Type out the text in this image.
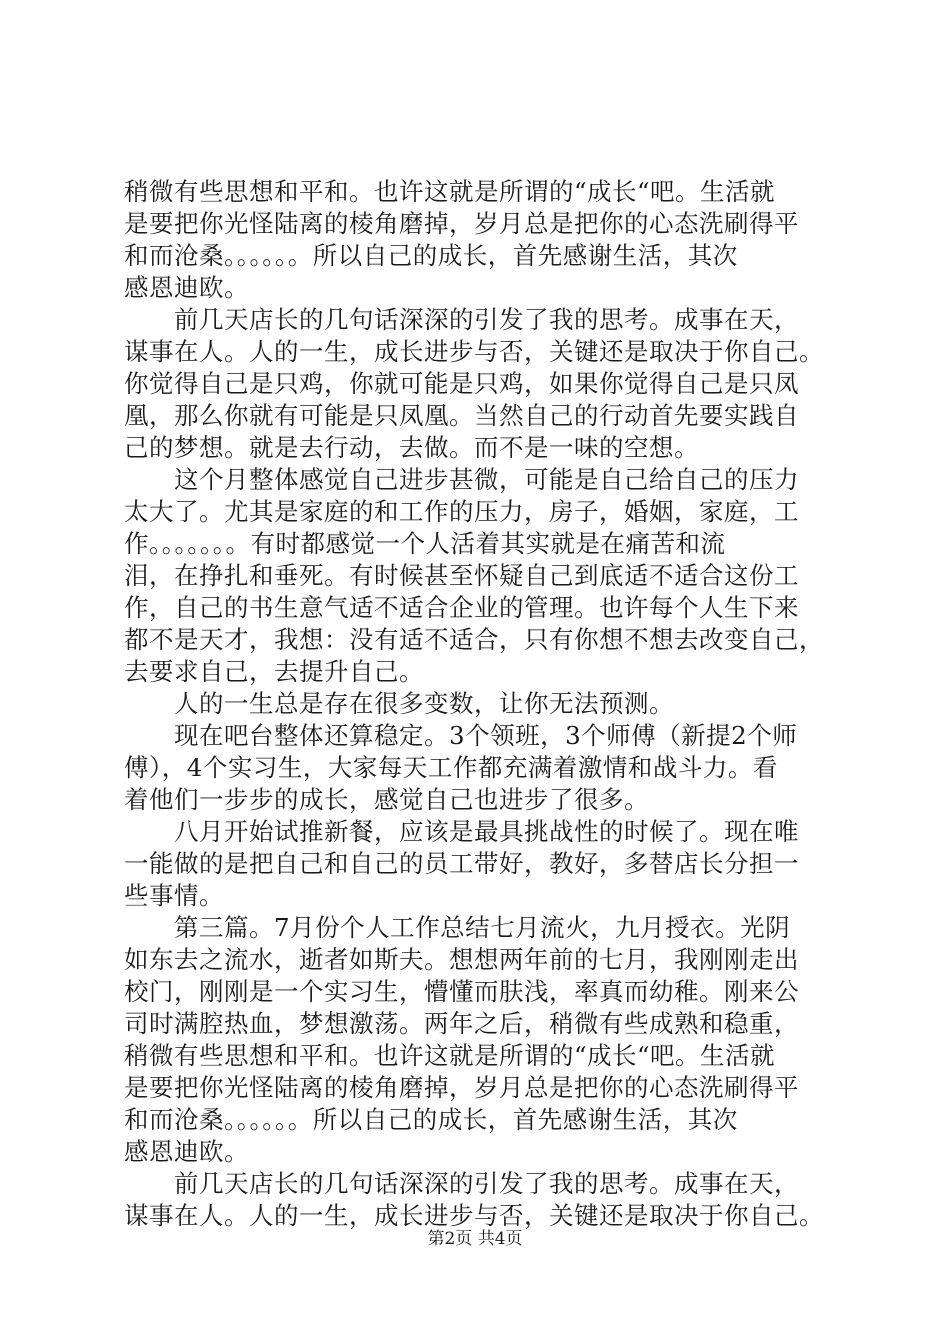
稍微有些思想和平和。也许这就是所谓的“成长“吧。生活就
是要把你光怪陆离的棱角磨掉，岁月总是把你的心态洗刷得平
和而沧桑。。。。。。所以自己的成长，首先感谢生活，其次
感恩迪欧。
　　前几天店长的几句话深深的引发了我的思考。成事在天，
谋事在人。人的一生，成长进步与否，关键还是取决于你自己。
你觉得自己是只鸡，你就可能是只鸡，如果你觉得自己是只凤
凰，那么你就有可能是只凤凰。当然自己的行动首先要实践自
己的梦想。就是去行动，去做。而不是一味的空想。
　　这个月整体感觉自己进步甚微，可能是自己给自己的压力
太大了。尤其是家庭的和工作的压力，房子，婚姻，家庭，工
作。。。。。。。有时都感觉一个人活着其实就是在痛苦和流
泪，在挣扎和垂死。有时候甚至怀疑自己到底适不适合这份工
作，自己的书生意气适不适合企业的管理。也许每个人生下来
都不是天才，我想：没有适不适合，只有你想不想去改变自己，
去要求自己，去提升自己。
　　人的一生总是存在很多变数，让你无法预测。
　　现在吧台整体还算稳定。3个领班，3个师傅（新提2个师
傅），4个实习生，大家每天工作都充满着激情和战斗力。看
着他们一步步的成长，感觉自己也进步了很多。
　　八月开始试推新餐，应该是最具挑战性的时候了。现在唯
一能做的是把自己和自己的员工带好，教好，多替店长分担一
些事情。
　　第三篇。7月份个人工作总结七月流火，九月授衣。光阴
如东去之流水，逝者如斯夫。想想两年前的七月，我刚刚走出
校门，刚刚是一个实习生，懵懂而肤浅，率真而幼稚。刚来公
司时满腔热血，梦想激荡。两年之后，稍微有些成熟和稳重，
稍微有些思想和平和。也许这就是所谓的“成长“吧。生活就
是要把你光怪陆离的棱角磨掉，岁月总是把你的心态洗刷得平
和而沧桑。。。。。。所以自己的成长，首先感谢生活，其次
感恩迪欧。
　　前几天店长的几句话深深的引发了我的思考。成事在天，
谋事在人。人的一生，成长进步与否，关键还是取决于你自己。
第2页 共4页
